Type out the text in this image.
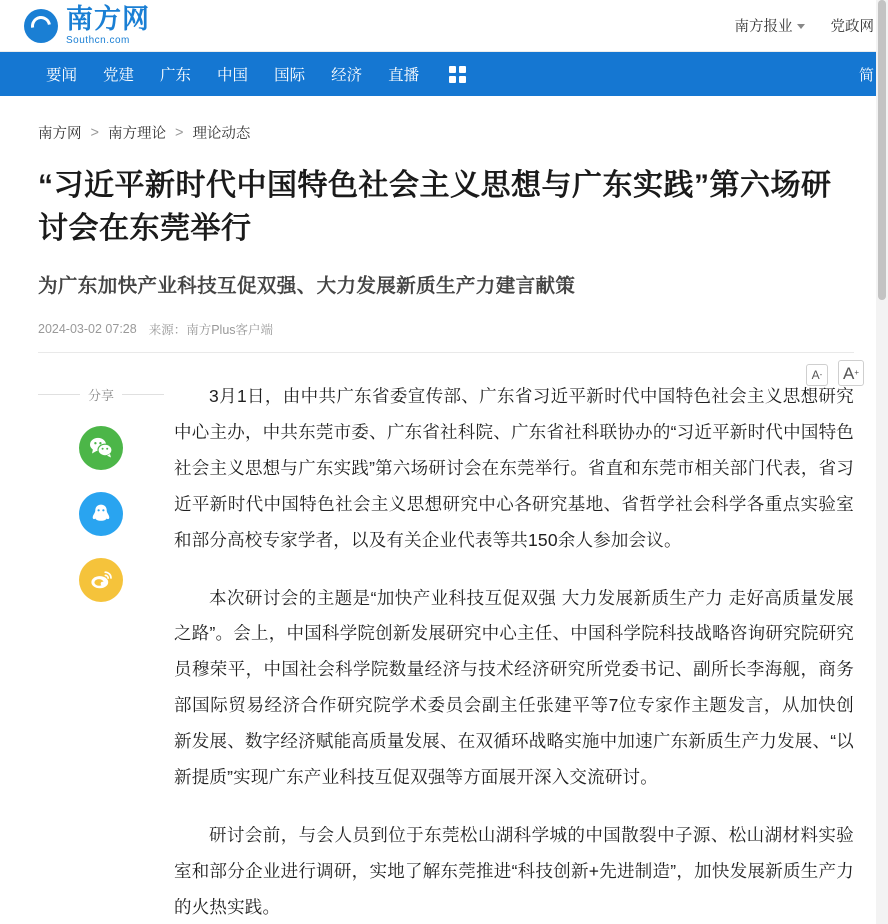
南方网
Southcn.com
南方报业	党政网
要闻 党建 广东 中国 国际 经济 直播	简
南方网 > 南方理论 > 理论动态
“习近平新时代中国特色社会主义思想与广东实践”第六场研讨会在东莞举行
为广东加快产业科技互促双强、大力发展新质生产力建言献策
2024-03-02 07:28 来源：南方Plus客户端
A - A +
分享	3月1日，由中共广东省委宣传部、广东省习近平新时代中国特色社会主义思想研究中心主办，中共东莞市委、广东省社科院、广东省社科联协办的“习近平新时代中国特色社会主义思想与广东实践”第六场研讨会在东莞举行。省直和东莞市相关部门代表，省习近平新时代中国特色社会主义思想研究中心各研究基地、省哲学社会科学各重点实验室和部分高校专家学者，以及有关企业代表等共150余人参加会议。

本次研讨会的主题是“加快产业科技互促双强 大力发展新质生产力 走好高质量发展之路”。会上，中国科学院创新发展研究中心主任、中国科学院科技战略咨询研究院研究员穆荣平，中国社会科学院数量经济与技术经济研究所党委书记、副所长李海舰，商务部国际贸易经济合作研究院学术委员会副主任张建平等7位专家作主题发言，从加快创新发展、数字经济赋能高质量发展、在双循环战略实施中加速广东新质生产力发展、“以新提质”实现广东产业科技互促双强等方面展开深入交流研讨。

研讨会前，与会人员到位于东莞松山湖科学城的中国散裂中子源、松山湖材料实验室和部分企业进行调研，实地了解东莞推进“科技创新+先进制造”，加快发展新质生产力的火热实践。
